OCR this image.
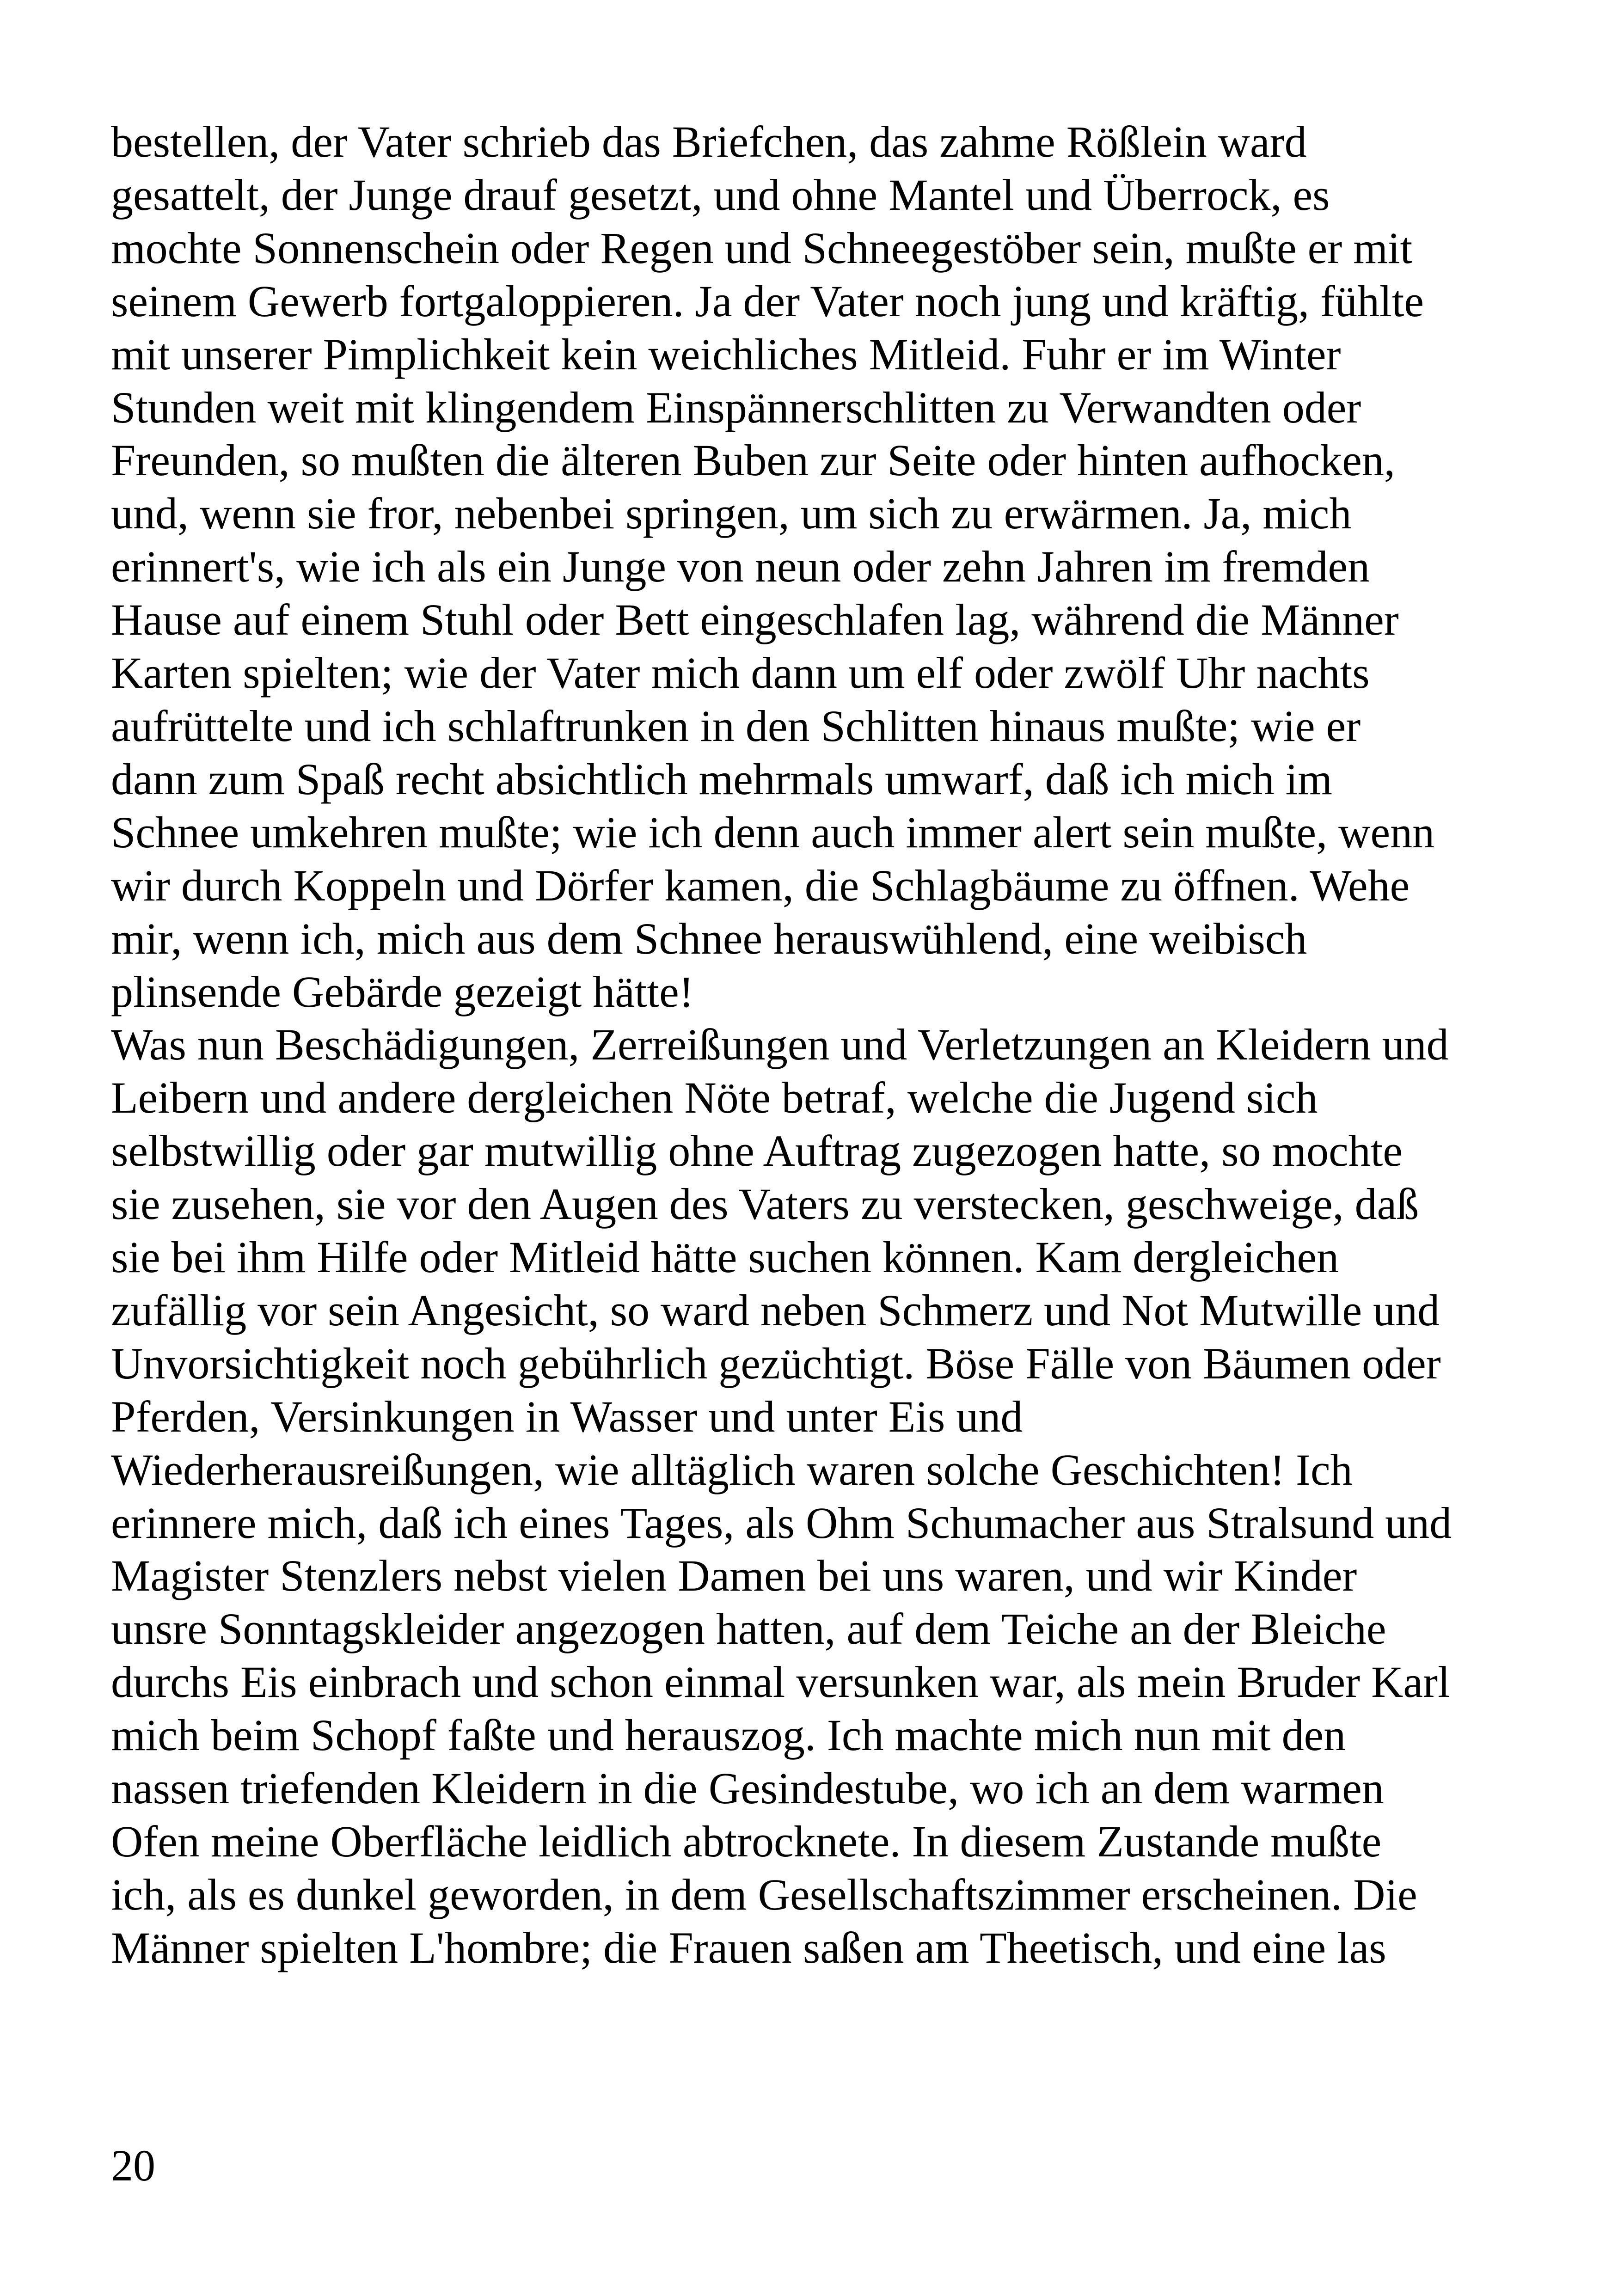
bestellen, der Vater schrieb das Briefchen, das zahme Rößlein ward
gesattelt, der Junge drauf gesetzt, und ohne Mantel und Überrock, es
mochte Sonnenschein oder Regen und Schneegestöber sein, mußte er mit
seinem Gewerb fortgaloppieren. Ja der Vater noch jung und kräftig, fühlte
mit unserer Pimplichkeit kein weichliches Mitleid. Fuhr er im Winter
Stunden weit mit klingendem Einspännerschlitten zu Verwandten oder
Freunden, so mußten die älteren Buben zur Seite oder hinten aufhocken,
und, wenn sie fror, nebenbei springen, um sich zu erwärmen. Ja, mich
erinnert's, wie ich als ein Junge von neun oder zehn Jahren im fremden
Hause auf einem Stuhl oder Bett eingeschlafen lag, während die Männer
Karten spielten; wie der Vater mich dann um elf oder zwölf Uhr nachts
aufrüttelte und ich schlaftrunken in den Schlitten hinaus mußte; wie er
dann zum Spaß recht absichtlich mehrmals umwarf, daß ich mich im
Schnee umkehren mußte; wie ich denn auch immer alert sein mußte, wenn
wir durch Koppeln und Dörfer kamen, die Schlagbäume zu öffnen. Wehe
mir, wenn ich, mich aus dem Schnee herauswühlend, eine weibisch
plinsende Gebärde gezeigt hätte!
Was nun Beschädigungen, Zerreißungen und Verletzungen an Kleidern und
Leibern und andere dergleichen Nöte betraf, welche die Jugend sich
selbstwillig oder gar mutwillig ohne Auftrag zugezogen hatte, so mochte
sie zusehen, sie vor den Augen des Vaters zu verstecken, geschweige, daß
sie bei ihm Hilfe oder Mitleid hätte suchen können. Kam dergleichen
zufällig vor sein Angesicht, so ward neben Schmerz und Not Mutwille und
Unvorsichtigkeit noch gebührlich gezüchtigt. Böse Fälle von Bäumen oder
Pferden, Versinkungen in Wasser und unter Eis und
Wiederherausreißungen, wie alltäglich waren solche Geschichten! Ich
erinnere mich, daß ich eines Tages, als Ohm Schumacher aus Stralsund und
Magister Stenzlers nebst vielen Damen bei uns waren, und wir Kinder
unsre Sonntagskleider angezogen hatten, auf dem Teiche an der Bleiche
durchs Eis einbrach und schon einmal versunken war, als mein Bruder Karl
mich beim Schopf faßte und herauszog. Ich machte mich nun mit den
nassen triefenden Kleidern in die Gesindestube, wo ich an dem warmen
Ofen meine Oberfläche leidlich abtrocknete. In diesem Zustande mußte
ich, als es dunkel geworden, in dem Gesellschaftszimmer erscheinen. Die
Männer spielten L'hombre; die Frauen saßen am Theetisch, und eine las
20
